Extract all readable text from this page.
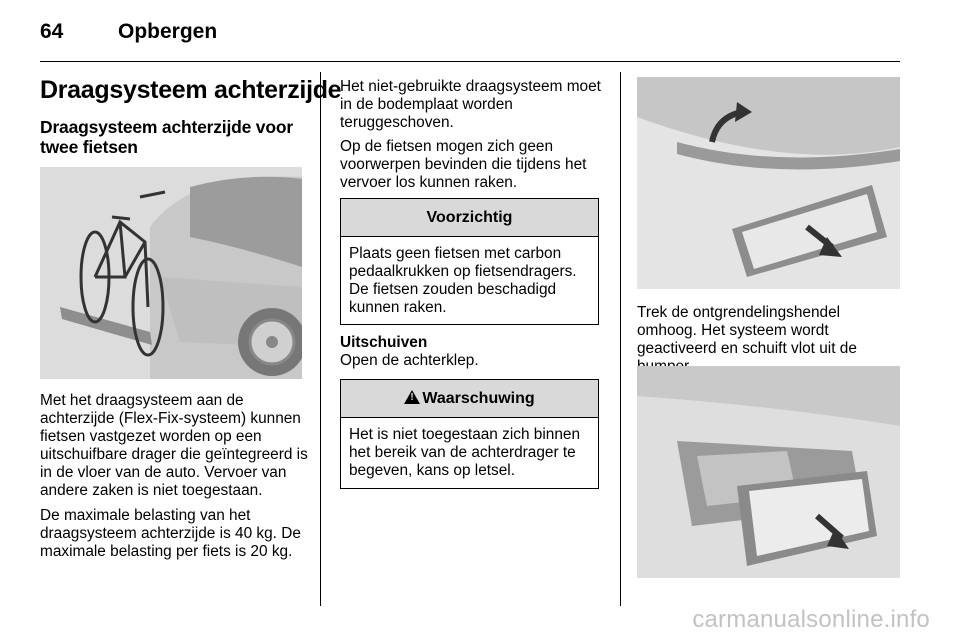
64	Opbergen
Draagsysteem achterzijde
Draagsysteem achterzijde voor twee fietsen

Met het draagsysteem aan de achterzijde (Flex-Fix-systeem) kunnen fietsen vastgezet worden op een uitschuifbare drager die geïntegreerd is in de vloer van de auto. Vervoer van andere zaken is niet toegestaan.

De maximale belasting van het draagsysteem achterzijde is 40 kg. De maximale belasting per fiets is 20 kg.

Het niet-gebruikte draagsysteem moet in de bodemplaat worden teruggeschoven.

Op de fietsen mogen zich geen voorwerpen bevinden die tijdens het vervoer los kunnen raken.

Voorzichtig
Plaats geen fietsen met carbon pedaalkrukken op fietsendragers. De fietsen zouden beschadigd kunnen raken.

Uitschuiven

Open de achterklep.

!Waarschuwing
Het is niet toegestaan zich binnen het bereik van de achterdrager te begeven, kans op letsel.

Trek de ontgrendelingshendel omhoog. Het systeem wordt geactiveerd en schuift vlot uit de

carmanualsonline.info
